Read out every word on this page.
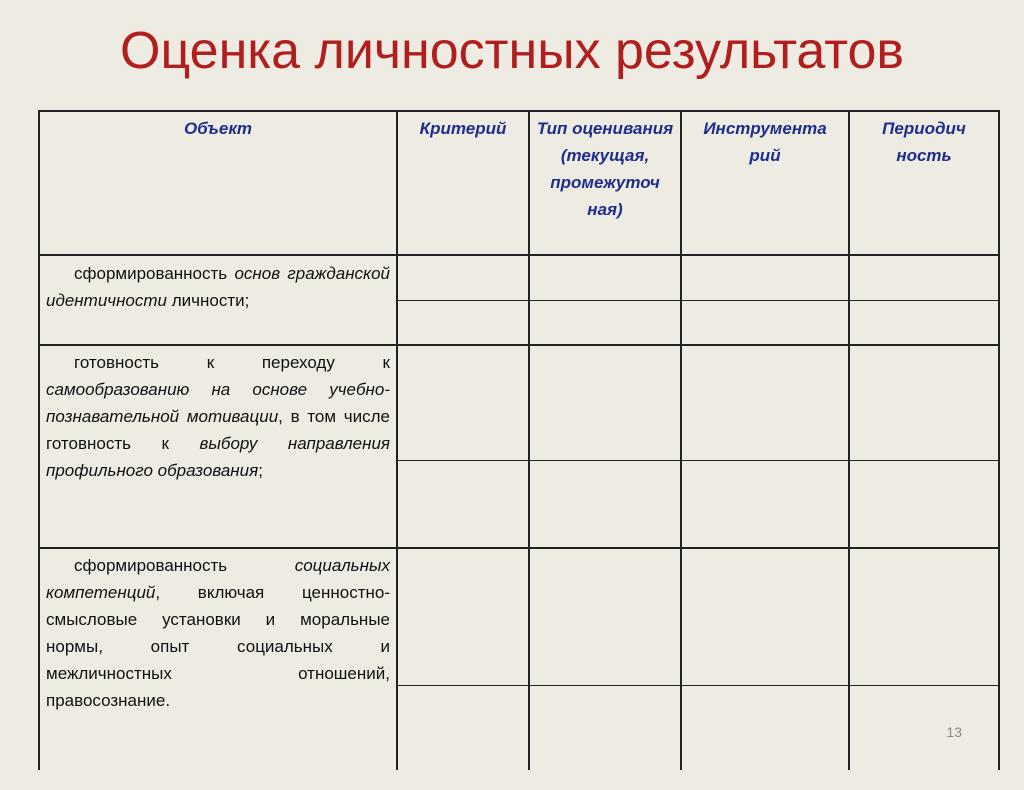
Оценка личностных результатов
Объект	Критерий	Тип оценивания (текущая, промежуточ ная)
Инструмента рий
Периодич ность
сформированность основ гражданской идентичности личности;
готовность к переходу к самообразованию на основе учебно-познавательной мотивации, в том числе готовность к выбору направления профильного образования;
сформированность социальных компетенций, включая ценностно-смысловые установки и моральные нормы, опыт социальных и межличностных отношений, правосознание.
13
